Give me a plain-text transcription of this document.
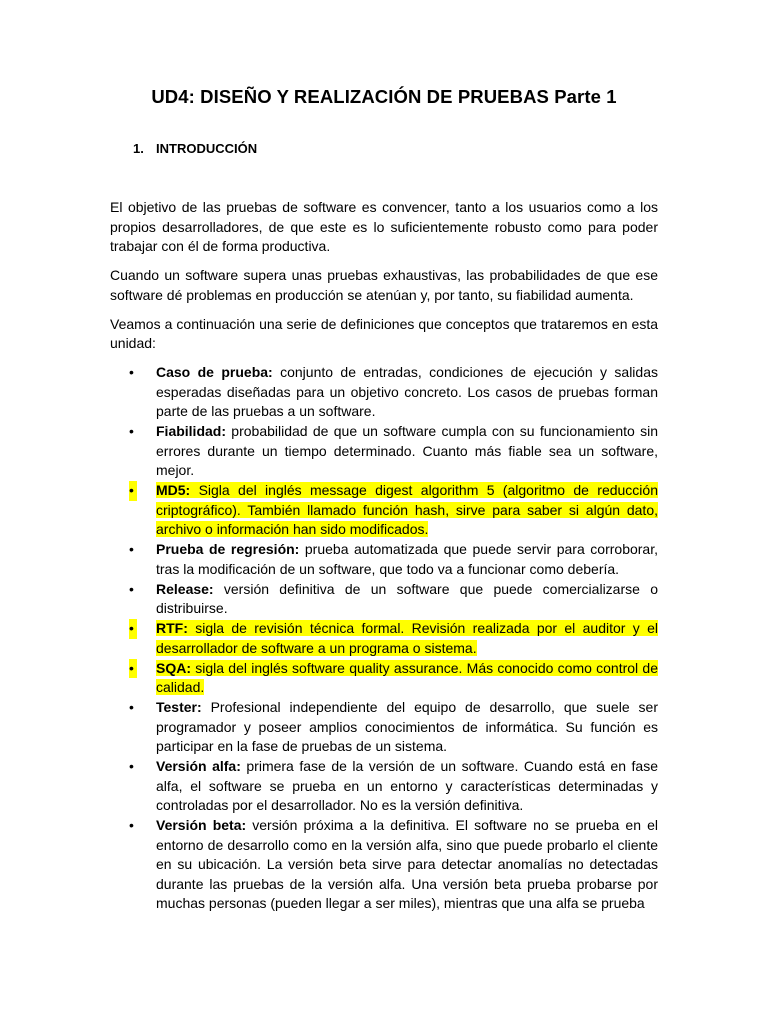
UD4: DISEÑO Y REALIZACIÓN DE PRUEBAS Parte 1
1. INTRODUCCIÓN

El objetivo de las pruebas de software es convencer, tanto a los usuarios como a los propios desarrolladores, de que este es lo suficientemente robusto como para poder trabajar con él de forma productiva.

Cuando un software supera unas pruebas exhaustivas, las probabilidades de que ese software dé problemas en producción se atenúan y, por tanto, su fiabilidad aumenta.

Veamos a continuación una serie de definiciones que conceptos que trataremos en esta unidad:

• Caso de prueba: conjunto de entradas, condiciones de ejecución y salidas esperadas diseñadas para un objetivo concreto. Los casos de pruebas forman parte de las pruebas a un software.
• Fiabilidad: probabilidad de que un software cumpla con su funcionamiento sin errores durante un tiempo determinado. Cuanto más fiable sea un software, mejor.
• MD5: Sigla del inglés message digest algorithm 5 (algoritmo de reducción criptográfico). También llamado función hash, sirve para saber si algún dato, archivo o información han sido modificados.
• Prueba de regresión: prueba automatizada que puede servir para corroborar, tras la modificación de un software, que todo va a funcionar como debería.
• Release: versión definitiva de un software que puede comercializarse o distribuirse.
• RTF: sigla de revisión técnica formal. Revisión realizada por el auditor y el desarrollador de software a un programa o sistema.
• SQA: sigla del inglés software quality assurance. Más conocido como control de calidad.
• Tester: Profesional independiente del equipo de desarrollo, que suele ser programador y poseer amplios conocimientos de informática. Su función es participar en la fase de pruebas de un sistema.
• Versión alfa: primera fase de la versión de un software. Cuando está en fase alfa, el software se prueba en un entorno y características determinadas y controladas por el desarrollador. No es la versión definitiva.
• Versión beta: versión próxima a la definitiva. El software no se prueba en el entorno de desarrollo como en la versión alfa, sino que puede probarlo el cliente en su ubicación. La versión beta sirve para detectar anomalías no detectadas durante las pruebas de la versión alfa. Una versión beta prueba probarse por muchas personas (pueden llegar a ser miles), mientras que una alfa se prueba
